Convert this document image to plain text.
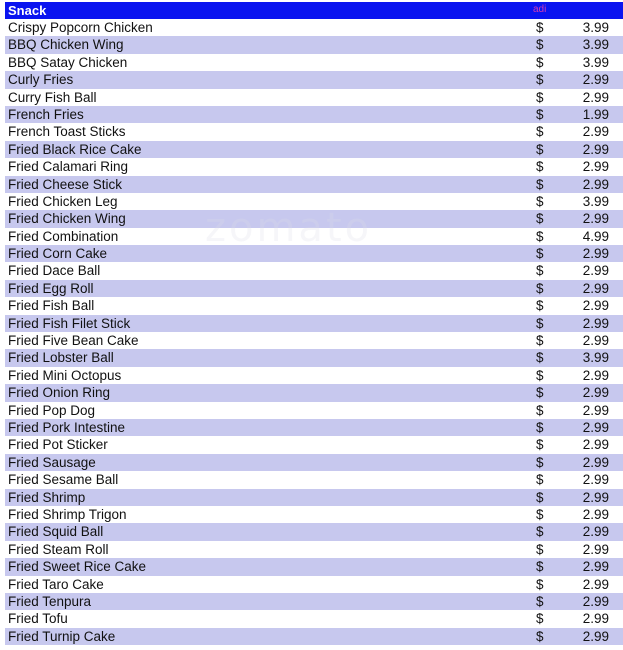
Snack	adi
Crispy Popcorn Chicken	$	3.99
BBQ Chicken Wing	$	3.99
BBQ Satay Chicken	$	3.99
Curly Fries	$	2.99
Curry Fish Ball	$	2.99
French Fries	$	1.99
French Toast Sticks	$	2.99
Fried Black Rice Cake	$	2.99
Fried Calamari Ring	$	2.99
Fried Cheese Stick	$	2.99
Fried Chicken Leg	$	3.99
Fried Chicken Wing	$	2.99
Fried Combination	$	4.99
Fried Corn Cake	$	2.99
Fried Dace Ball	$	2.99
Fried Egg Roll	$	2.99
Fried Fish Ball	$	2.99
Fried Fish Filet Stick	$	2.99
Fried Five Bean Cake	$	2.99
Fried Lobster Ball	$	3.99
Fried Mini Octopus	$	2.99
Fried Onion Ring	$	2.99
Fried Pop Dog	$	2.99
Fried Pork Intestine	$	2.99
Fried Pot Sticker	$	2.99
Fried Sausage	$	2.99
Fried Sesame Ball	$	2.99
Fried Shrimp	$	2.99
Fried Shrimp Trigon	$	2.99
Fried Squid Ball	$	2.99
Fried Steam Roll	$	2.99
Fried Sweet Rice Cake	$	2.99
Fried Taro Cake	$	2.99
Fried Tenpura	$	2.99
Fried Tofu	$	2.99
Fried Turnip Cake	$	2.99
zomato
